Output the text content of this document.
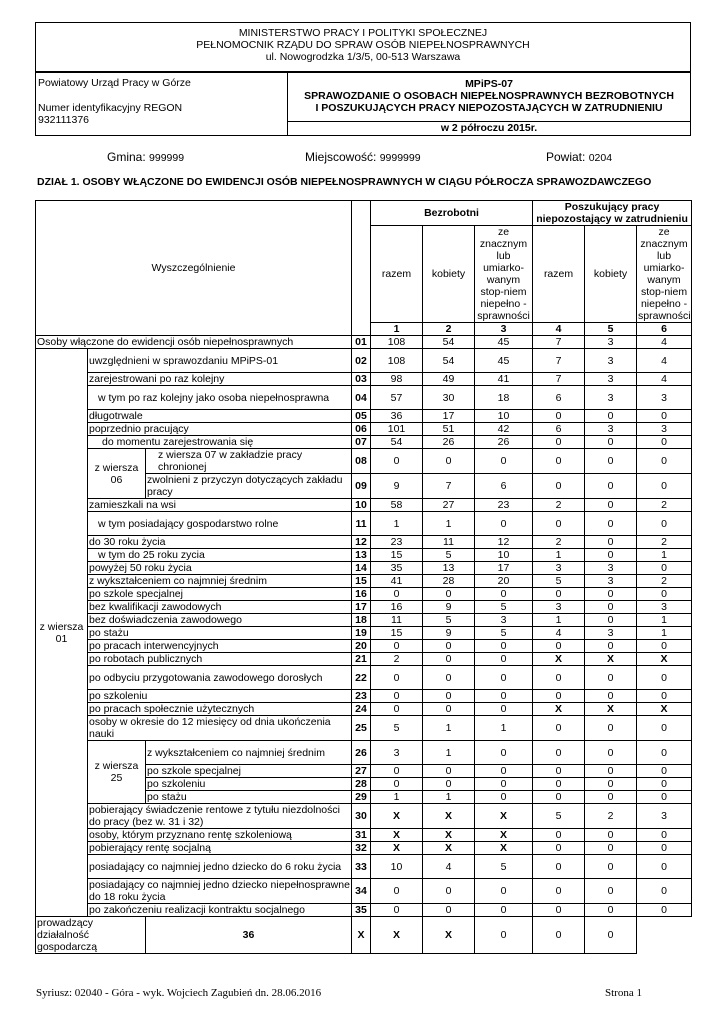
MINISTERSTWO PRACY I POLITYKI SPOŁECZNEJ
PEŁNOMOCNIK RZĄDU DO SPRAW OSÓB NIEPEŁNOSPRAWNYCH
ul. Nowogrodzka 1/3/5, 00-513 Warszawa
Powiatowy Urząd Pracy w Górze
Numer identyfikacyjny REGON
932111376
MPiPS-07
SPRAWOZDANIE O OSOBACH NIEPEŁNOSPRAWNYCH BEZROBOTNYCH
I POSZUKUJĄCYCH PRACY NIEPOZOSTAJĄCYCH W ZATRUDNIENIU
w 2 półroczu 2015r.
Gmina: 999999	Miejscowość: 9999999	Powiat: 0204
DZIAŁ 1. OSOBY WŁĄCZONE DO EWIDENCJI OSÓB NIEPEŁNOSPRAWNYCH W CIĄGU PÓŁROCZA SPRAWOZDAWCZEGO
Wyszczególnienie				Bezrobotni			Poszukujący pracy niepozostający w zatrudnieniu		
				razem	kobiety	ze znacznym lub umiarko-wanym stop-niem niepełno - sprawności	razem	kobiety	ze znacznym lub umiarko-wanym stop-niem niepełno - sprawności
				1	2	3	4	5	6
Osoby włączone do ewidencji osób niepełnosprawnych			01	108	54	45	7	3	4
z wiersza 01	uwzględnieni w sprawozdaniu MPiPS-01		02	108	54	45	7	3	4
	zarejestrowani po raz kolejny		03	98	49	41	7	3	4
	w tym po raz kolejny jako osoba niepełnosprawna		04	57	30	18	6	3	3
	długotrwale		05	36	17	10	0	0	0
	poprzednio pracujący		06	101	51	42	6	3	3
	do momentu zarejestrowania się		07	54	26	26	0	0	0
	z wiersza 06	z wiersza 07 w zakładzie pracy chronionej	08	0	0	0	0	0	0
		zwolnieni z przyczyn dotyczących zakładu pracy	09	9	7	6	0	0	0
	zamieszkali na wsi		10	58	27	23	2	0	2
	w tym posiadający gospodarstwo rolne		11	1	1	0	0	0	0
	do 30 roku życia		12	23	11	12	2	0	2
	w tym do 25 roku zycia		13	15	5	10	1	0	1
	powyżej 50 roku życia		14	35	13	17	3	3	0
	z wykształceniem co najmniej średnim		15	41	28	20	5	3	2
	po szkole specjalnej		16	0	0	0	0	0	0
	bez kwalifikacji zawodowych		17	16	9	5	3	0	3
	bez doświadczenia zawodowego		18	11	5	3	1	0	1
	po stażu		19	15	9	5	4	3	1
	po pracach interwencyjnych		20	0	0	0	0	0	0
	po robotach publicznych		21	2	0	0	X	X	X
	po odbyciu przygotowania zawodowego dorosłych		22	0	0	0	0	0	0
	po szkoleniu		23	0	0	0	0	0	0
	po pracach społecznie użytecznych		24	0	0	0	X	X	X
	osoby w okresie do 12 miesięcy od dnia ukończenia nauki		25	5	1	1	0	0	0
	z wiersza 25	z wykształceniem co najmniej średnim	26	3	1	0	0	0	0
		po szkole specjalnej	27	0	0	0	0	0	0
		po szkoleniu	28	0	0	0	0	0	0
		po stażu	29	1	1	0	0	0	0
	pobierający świadczenie rentowe z tytułu niezdolności do pracy (bez w. 31 i 32)		30	X	X	X	5	2	3
	osoby, którym przyznano rentę szkoleniową		31	X	X	X	0	0	0
	pobierający rentę socjalną		32	X	X	X	0	0	0
	posiadający co najmniej jedno dziecko do 6 roku życia		33	10	4	5	0	0	0
	posiadający co najmniej jedno dziecko niepełnosprawne do 18 roku życia		34	0	0	0	0	0	0
	po zakończeniu realizacji kontraktu socjalnego		35	0	0	0	0	0	0
prowadzący działalność gospodarczą		36	X	X	X	0	0	0	
Syriusz: 02040 - Góra - wyk. Wojciech Zagubień dn. 28.06.2016	Strona 1
